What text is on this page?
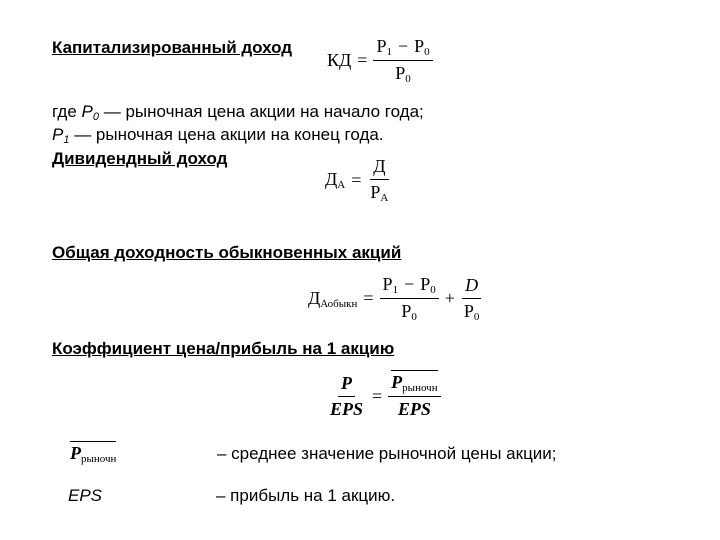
Капитализированный доход
КД = $\frac{P_1 - P_0}{P_0}$
где $P_0$ — рыночная цена акции на начало года;
$P_1$ — рыночная цена акции на конец года.
Дивидендный доход
$Д_А = \frac{Д}{P_А}$
Общая доходность обыкновенных акций
$Д_{Аобыкн} = \frac{P_1 - P_0}{P_0} + \frac{D}{P_0}$
Коэффициент цена/прибыль на 1 акцию
$\frac{P}{\text{EPS}} = \frac{P_{рыночн}}{\text{EPS}}$
$P_{рыночн}$	– среднее значение рыночной цены акции;
EPS	– прибыль на 1 акцию.
